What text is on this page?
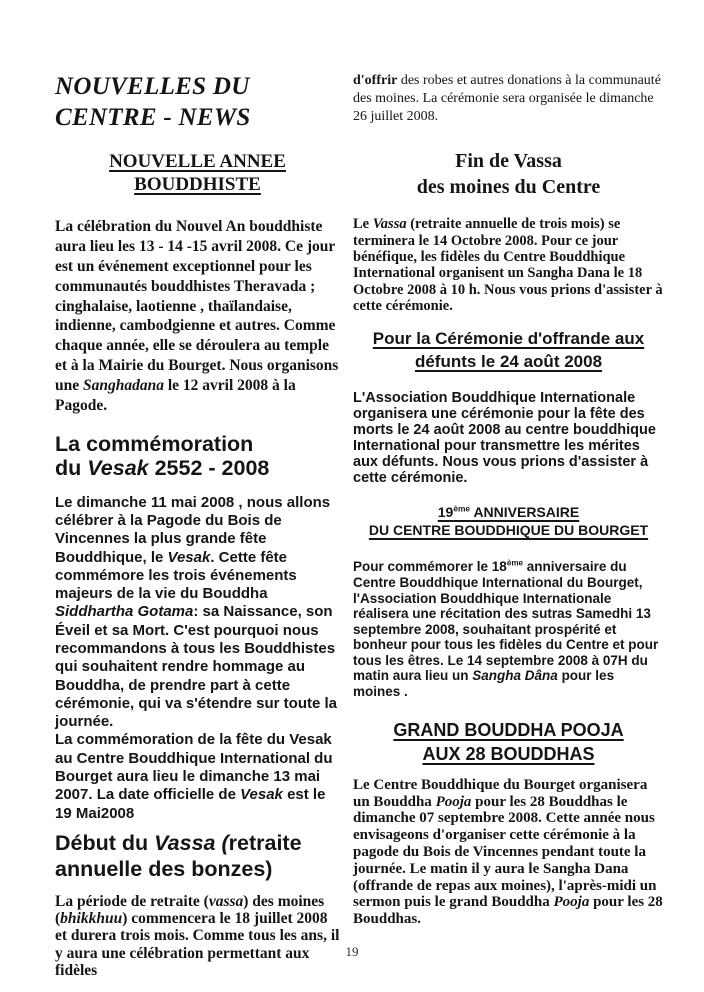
NOUVELLES DU
CENTRE - NEWS
NOUVELLE ANNEE
BOUDDHISTE

La célébration du Nouvel An bouddhiste aura lieu les 13 - 14 -15 avril 2008. Ce jour est un événement exceptionnel pour les communautés bouddhistes Theravada ; cinghalaise, laotienne , thaïlandaise, indienne, cambodgienne et autres. Comme chaque année, elle se déroulera au temple et à la Mairie du Bourget. Nous organisons une Sanghadana le 12 avril 2008 à la Pagode.

La commémoration
du Vesak 2552 - 2008

Le dimanche 11 mai 2008 , nous allons célébrer à la Pagode du Bois de Vincennes la plus grande fête Bouddhique, le Vesak. Cette fête commémore les trois événements majeurs de la vie du Bouddha Siddhartha Gotama: sa Naissance, son Éveil et sa Mort. C'est pourquoi nous recommandons à tous les Bouddhistes qui souhaitent rendre hommage au Bouddha, de prendre part à cette cérémonie, qui va s'étendre sur toute la journée.
La commémoration de la fête du Vesak au Centre Bouddhique International du Bourget aura lieu le dimanche 13 mai 2007. La date officielle de Vesak est le 19 Mai2008

Début du Vassa (retraite annuelle des bonzes)

La période de retraite (vassa) des moines (bhikkhuu) commencera le 18 juillet 2008 et durera trois mois. Comme tous les ans, il y aura une célébration permettant aux fidèles

d'offrir des robes et autres donations à la communauté des moines. La cérémonie sera organisée le dimanche 26 juillet 2008.

Fin de Vassa
des moines du Centre

Le Vassa (retraite annuelle de trois mois) se terminera le 14 Octobre 2008. Pour ce jour bénéfique, les fidèles du Centre Bouddhique International organisent un Sangha Dana le 18 Octobre 2008 à 10 h. Nous vous prions d'assister à cette cérémonie.

Pour la Cérémonie d'offrande aux
défunts le 24 août 2008

L'Association Bouddhique Internationale organisera une cérémonie pour la fête des morts le 24 août 2008 au centre bouddhique International pour transmettre les mérites aux défunts. Nous vous prions d'assister à cette cérémonie.

19ème ANNIVERSAIRE
DU CENTRE BOUDDHIQUE DU BOURGET

Pour commémorer le 18ème anniversaire du Centre Bouddhique International du Bourget, l'Association Bouddhique Internationale réalisera une récitation des sutras Samedhi 13 septembre 2008, souhaitant prospérité et bonheur pour tous les fidèles du Centre et pour tous les êtres. Le 14 septembre 2008 à 07H du matin aura lieu un Sangha Dâna pour les moines .

GRAND BOUDDHA POOJA
AUX 28 BOUDDHAS

Le Centre Bouddhique du Bourget organisera un Bouddha Pooja pour les 28 Bouddhas le dimanche 07 septembre 2008. Cette année nous envisageons d'organiser cette cérémonie à la pagode du Bois de Vincennes pendant toute la journée. Le matin il y aura le Sangha Dana (offrande de repas aux moines), l'après-midi un sermon puis le grand Bouddha Pooja pour les 28 Bouddhas.

19
